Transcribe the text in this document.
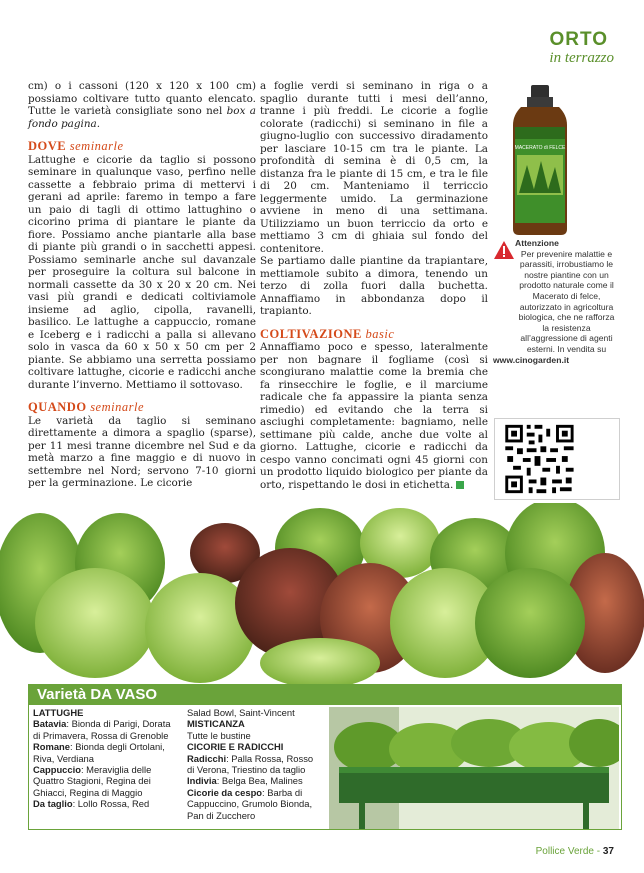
ORTO
in terrazzo

cm) o i cassoni (120 x 120 x 100 cm) possiamo coltivare tutto quanto elencato. Tutte le varietà consigliate sono nel box a fondo pagina.

DOVE seminarle

Lattughe e cicorie da taglio si possono seminare in qualunque vaso, perfino nelle cassette a febbraio prima di mettervi i gerani ad aprile: faremo in tempo a fare un paio di tagli di ottimo lattughino o cicorino prima di piantare le piante da fiore. Possiamo anche piantarle alla base di piante più grandi o in sacchetti appesi. Possiamo seminarle anche sul davanzale per proseguire la coltura sul balcone in normali cassette da 30 x 20 x 20 cm. Nei vasi più grandi e dedicati coltiviamole insieme ad aglio, cipolla, ravanelli, basilico. Le lattughe a cappuccio, romane e Iceberg e i radicchi a palla si allevano solo in vasca da 60 x 50 x 50 cm per 2 piante. Se abbiamo una serretta possiamo coltivare lattughe, cicorie e radicchi anche durante l’inverno. Mettiamo il sottovaso.

QUANDO seminarle

Le varietà da taglio si seminano direttamente a dimora a spaglio (sparse), per 11 mesi tranne dicembre nel Sud e da metà marzo a fine maggio e di nuovo in settembre nel Nord; servono 7-10 giorni per la germinazione. Le cicorie

a foglie verdi si seminano in riga o a spaglio durante tutti i mesi dell’anno, tranne i più freddi. Le cicorie a foglie colorate (radicchi) si seminano in file a giugno-luglio con successivo diradamento per lasciare 10-15 cm tra le piante. La profondità di semina è di 0,5 cm, la distanza fra le piante di 15 cm, e tra le file di 20 cm. Manteniamo il terriccio leggermente umido. La germinazione avviene in meno di una settimana. Utilizziamo un buon terriccio da orto e mettiamo 3 cm di ghiaia sul fondo del contenitore.

Se partiamo dalle piantine da trapiantare, mettiamole subito a dimora, tenendo un terzo di zolla fuori dalla buchetta. Annaffiamo in abbondanza dopo il trapianto.

COLTIVAZIONE basic

Annaffiamo poco e spesso, lateralmente per non bagnare il fogliame (così si scongiurano malattie come la bremia che fa rinsecchire le foglie, e il marciume radicale che fa appassire la pianta senza rimedio) ed evitando che la terra si asciughi completamente: bagniamo, nelle settimane più calde, anche due volte al giorno. Lattughe, cicorie e radicchi da cespo vanno concimati ogni 45 giorni con un prodotto liquido biologico per piante da orto, rispettando le dosi in etichetta.

MACERATO di FELCE
Attenzione
Per prevenire malattie e parassiti, irrobustiamo le nostre piantine con un prodotto naturale come il Macerato di felce, autorizzato in agricoltura biologica, che ne rafforza la resistenza all’aggressione di agenti esterni. In vendita su
www.cinogarden.it
Varietà DA VASO
LATTUGHE
Batavia: Bionda di Parigi, Dorata di Primavera, Rossa di Grenoble
Romane: Bionda degli Ortolani, Riva, Verdiana
Cappuccio: Meraviglia delle Quattro Stagioni, Regina dei Ghiacci, Regina di Maggio
Da taglio: Lollo Rossa, Red
Salad Bowl, Saint-Vincent
MISTICANZA
Tutte le bustine
CICORIE E RADICCHI
Radicchi: Palla Rossa, Rosso di Verona, Triestino da taglio
Indivia: Belga Bea, Malines
Cicorie da cespo: Barba di Cappuccino, Grumolo Bionda, Pan di Zucchero
Pollice Verde - 37
